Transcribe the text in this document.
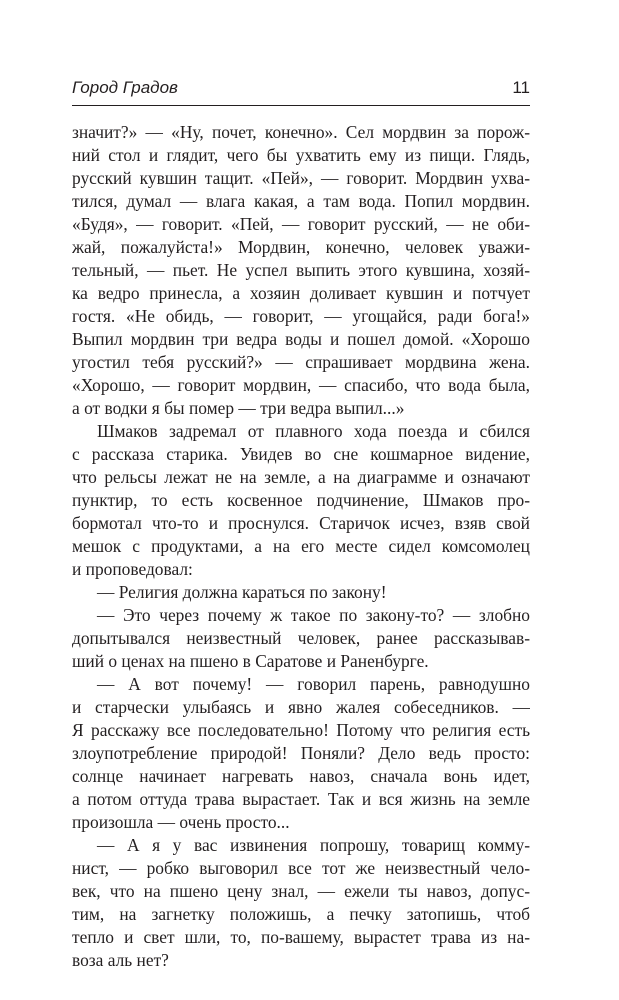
Город Градов	11
значит?» — «Ну, почет, конечно». Сел мордвин за порож-
ний стол и глядит, чего бы ухватить ему из пищи. Глядь,
русский кувшин тащит. «Пей», — говорит. Мордвин ухва-
тился, думал — влага какая, а там вода. Попил мордвин.
«Будя», — говорит. «Пей, — говорит русский, — не оби-
жай, пожалуйста!» Мордвин, конечно, человек уважи-
тельный, — пьет. Не успел выпить этого кувшина, хозяй-
ка ведро принесла, а хозяин доливает кувшин и потчует
гостя. «Не обидь, — говорит, — угощайся, ради бога!»
Выпил мордвин три ведра воды и пошел домой. «Хорошо
угостил тебя русский?» — спрашивает мордвина жена.
«Хорошо, — говорит мордвин, — спасибо, что вода была,
а от водки я бы помер — три ведра выпил...»
Шмаков задремал от плавного хода поезда и сбился
с рассказа старика. Увидев во сне кошмарное видение,
что рельсы лежат не на земле, а на диаграмме и означают
пунктир, то есть косвенное подчинение, Шмаков про-
бормотал что-то и проснулся. Старичок исчез, взяв свой
мешок с продуктами, а на его месте сидел комсомолец
и проповедовал:
— Религия должна караться по закону!
— Это через почему ж такое по закону-то? — злобно
допытывался неизвестный человек, ранее рассказывав-
ший о ценах на пшено в Саратове и Раненбурге.
— А вот почему! — говорил парень, равнодушно
и старчески улыбаясь и явно жалея собеседников. —
Я расскажу все последовательно! Потому что религия есть
злоупотребление природой! Поняли? Дело ведь просто:
солнце начинает нагревать навоз, сначала вонь идет,
а потом оттуда трава вырастает. Так и вся жизнь на земле
произошла — очень просто...
— А я у вас извинения попрошу, товарищ комму-
нист, — робко выговорил все тот же неизвестный чело-
век, что на пшено цену знал, — ежели ты навоз, допус-
тим, на загнетку положишь, а печку затопишь, чтоб
тепло и свет шли, то, по-вашему, вырастет трава из на-
воза аль нет?
